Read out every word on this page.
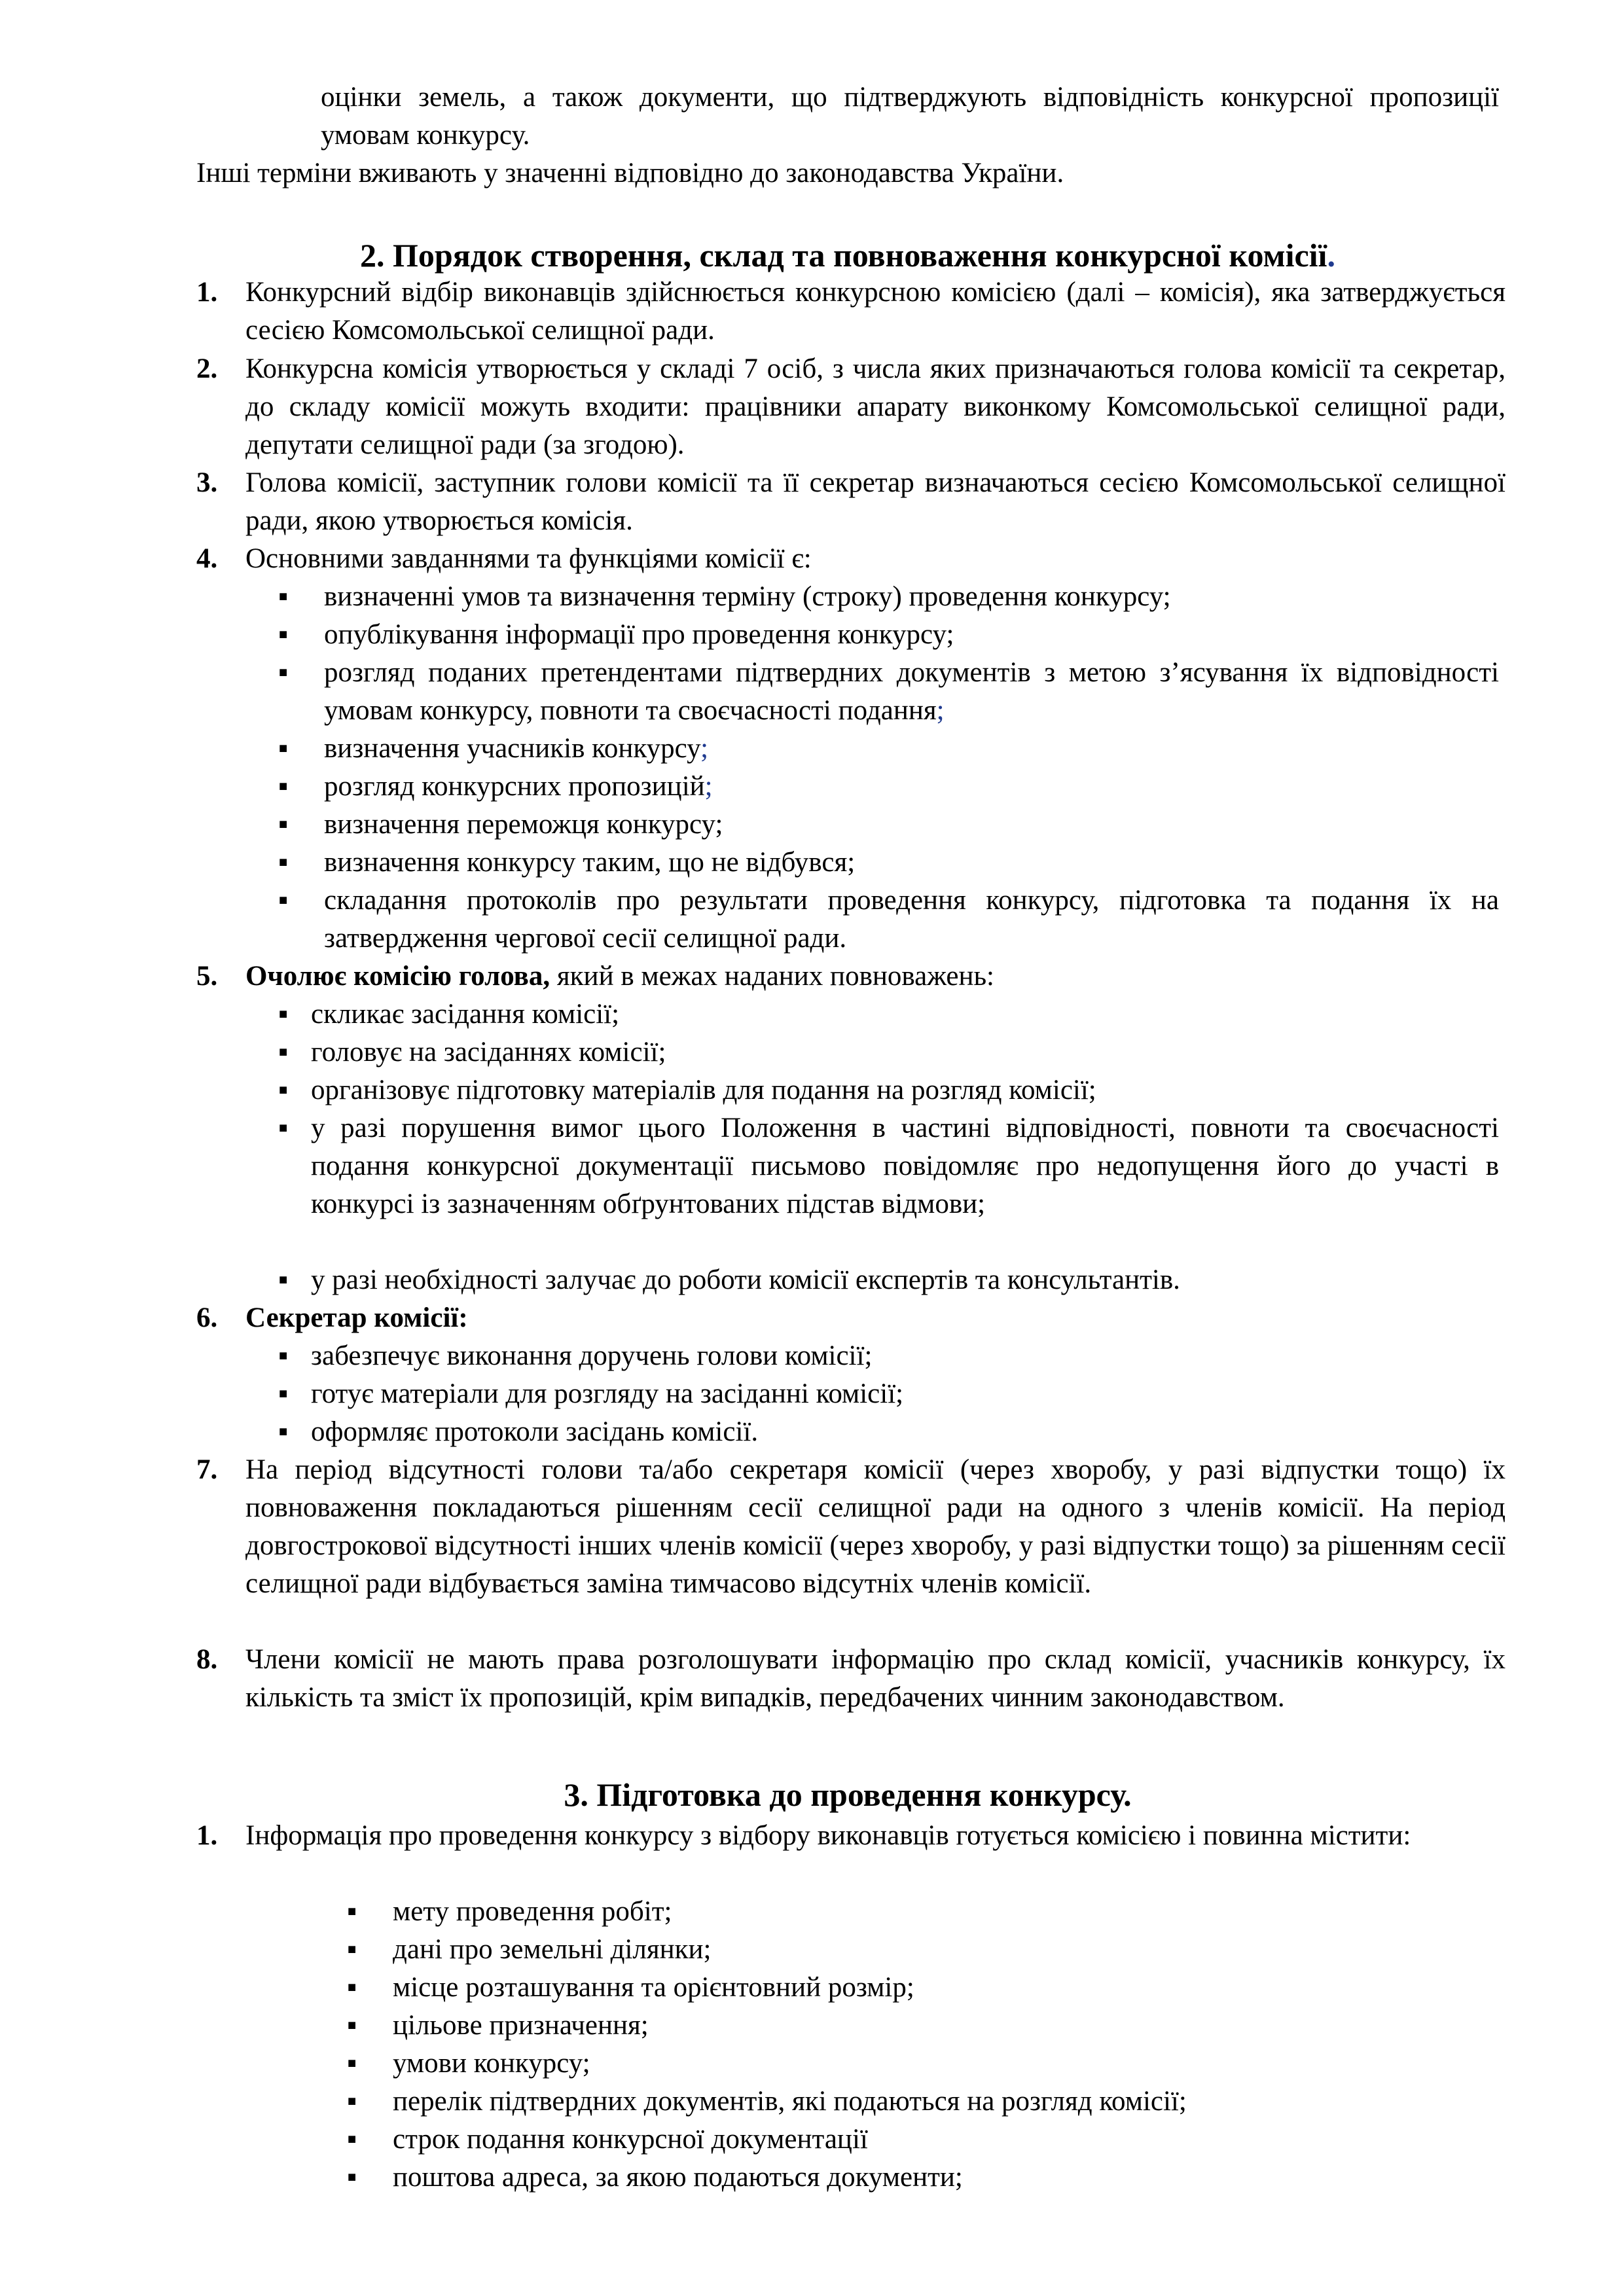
оцінки земель, а також документи, що підтверджують відповідність конкурсної пропозиції умовам конкурсу.
Інші терміни вживають у значенні відповідно до законодавства України.
2. Порядок створення, склад та повноваження конкурсної комісії.
1. Конкурсний відбір виконавців здійснюється конкурсною комісією (далі – комісія), яка затверджується сесією Комсомольської селищної ради.
2. Конкурсна комісія утворюється у складі 7 осіб, з числа яких призначаються голова комісії та секретар, до складу комісії можуть входити: працівники апарату виконкому Комсомольської селищної ради, депутати селищної ради (за згодою).
3. Голова комісії, заступник голови комісії та її секретар визначаються сесією Комсомольської селищної ради, якою утворюється комісія.
4. Основними завданнями та функціями комісії є:
▪ визначенні умов та визначення терміну (строку) проведення конкурсу;
▪ опублікування інформації про проведення конкурсу;
▪ розгляд поданих претендентами підтвердних документів з метою з’ясування їх відповідності умовам конкурсу, повноти та своєчасності подання;
▪ визначення учасників конкурсу;
▪ розгляд конкурсних пропозицій;
▪ визначення переможця конкурсу;
▪ визначення конкурсу таким, що не відбувся;
▪ складання протоколів про результати проведення конкурсу, підготовка та подання їх на затвердження чергової сесії селищної ради.
5. Очолює комісію голова, який в межах наданих повноважень:
▪ скликає засідання комісії;
▪ головує на засіданнях комісії;
▪ організовує підготовку матеріалів для подання на розгляд комісії;
▪ у разі порушення вимог цього Положення в частині відповідності, повноти та своєчасності подання конкурсної документації письмово повідомляє про недопущення його до участі в конкурсі із зазначенням обґрунтованих підстав відмови;
▪ у разі необхідності залучає до роботи комісії експертів та консультантів.
6. Секретар комісії:
▪ забезпечує виконання доручень голови комісії;
▪ готує матеріали для розгляду на засіданні комісії;
▪ оформляє протоколи засідань комісії.
7. На період відсутності голови та/або секретаря комісії (через хворобу, у разі відпустки тощо) їх повноваження покладаються рішенням сесії селищної ради на одного з членів комісії. На період довгострокової відсутності інших членів комісії (через хворобу, у разі відпустки тощо) за рішенням сесії селищної ради відбувається заміна тимчасово відсутніх членів комісії.
8. Члени комісії не мають права розголошувати інформацію про склад комісії, учасників конкурсу, їх кількість та зміст їх пропозицій, крім випадків, передбачених чинним законодавством.
3. Підготовка до проведення конкурсу.
1. Інформація про проведення конкурсу з відбору виконавців готується комісією і повинна містити:
▪ мету проведення робіт;
▪ дані про земельні ділянки;
▪ місце розташування та орієнтовний розмір;
▪ цільове призначення;
▪ умови конкурсу;
▪ перелік підтвердних документів, які подаються на розгляд комісії;
▪ строк подання конкурсної документації
▪ поштова адреса, за якою подаються документи;
